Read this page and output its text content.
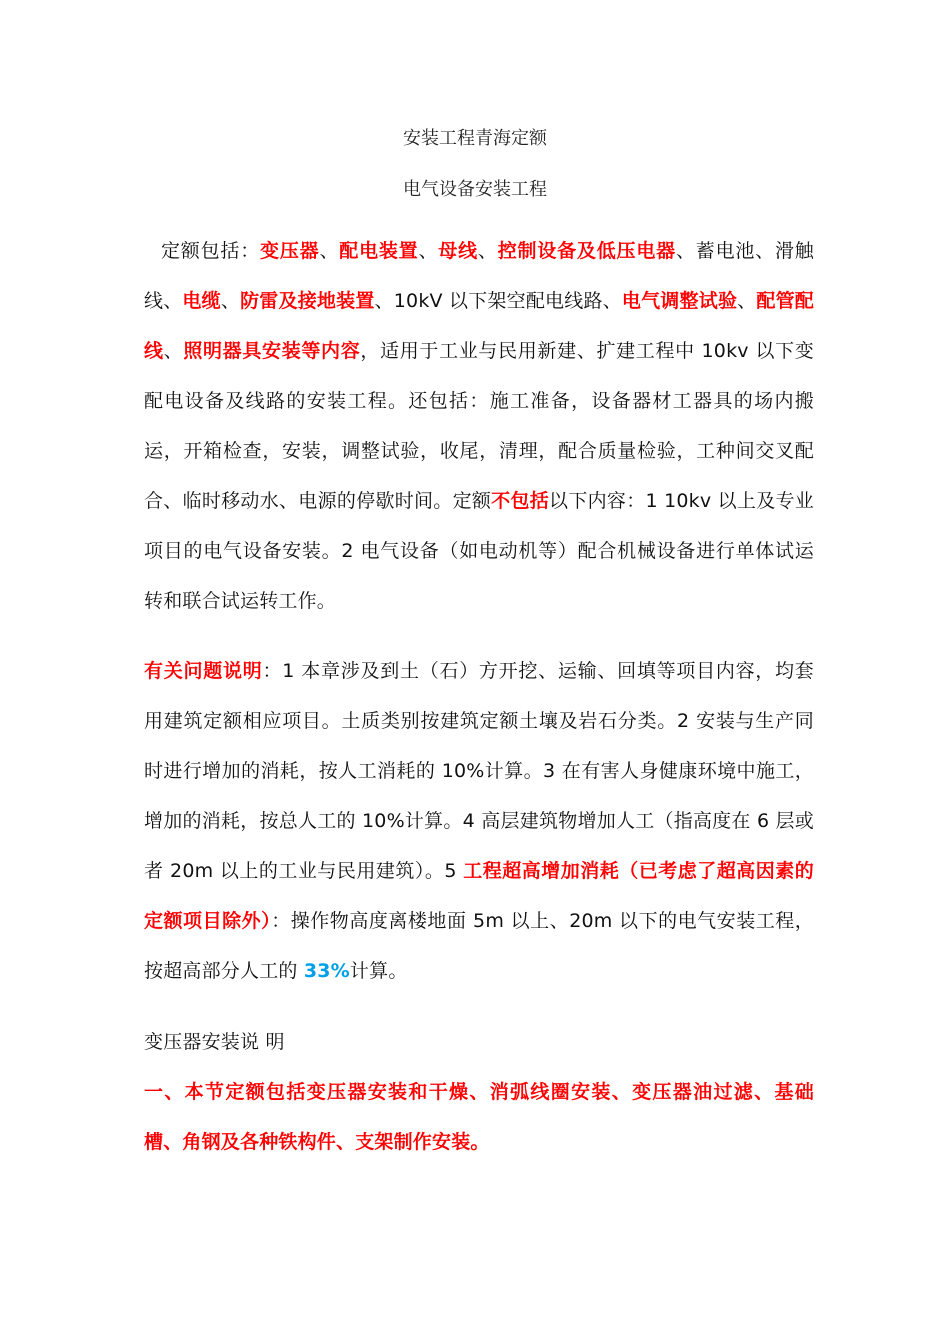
安装工程青海定额
电气设备安装工程
定额包括：变压器、配电装置、母线、控制设备及低压电器、蓄电池、滑触线、电缆、防雷及接地装置、10kV 以下架空配电线路、电气调整试验、配管配线、照明器具安装等内容，适用于工业与民用新建、扩建工程中 10kv 以下变配电设备及线路的安装工程。还包括：施工准备，设备器材工器具的场内搬运，开箱检查，安装，调整试验，收尾，清理，配合质量检验，工种间交叉配合、临时移动水、电源的停歇时间。定额不包括以下内容：1 10kv 以上及专业项目的电气设备安装。2 电气设备（如电动机等）配合机械设备进行单体试运转和联合试运转工作。
有关问题说明：1 本章涉及到土（石）方开挖、运输、回填等项目内容，均套用建筑定额相应项目。土质类别按建筑定额土壤及岩石分类。2 安装与生产同时进行增加的消耗，按人工消耗的 10%计算。3 在有害人身健康环境中施工，增加的消耗，按总人工的 10%计算。4 高层建筑物增加人工（指高度在 6 层或者 20m 以上的工业与民用建筑）。5 工程超高增加消耗（已考虑了超高因素的定额项目除外）：操作物高度离楼地面 5m 以上、20m 以下的电气安装工程，按超高部分人工的 33%计算。
变压器安装说 明
一、本节定额包括变压器安装和干燥、消弧线圈安装、变压器油过滤、基础槽、角钢及各种铁构件、支架制作安装。
